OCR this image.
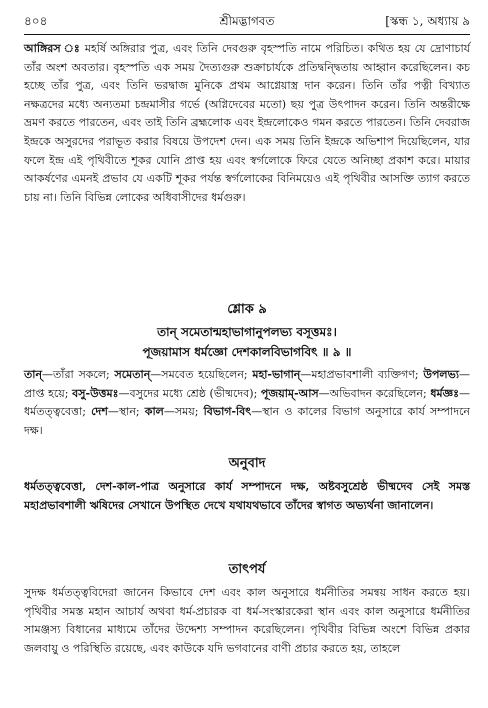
৪০৪	শ্রীমদ্ভাগবত	[স্কন্ধ ১, অধ্যায় ৯
আঙ্গিরস ঃ মহর্ষি অঙ্গিরার পুত্র, এবং তিনি দেবগুরু বৃহস্পতি নামে পরিচিত। কথিত হয় যে দ্রোণাচার্য তাঁর অংশ অবতার। বৃহস্পতি এক সময় দৈত্যগুরু শুক্রাচার্যকে প্রতিদ্বন্দ্বিতায় আহ্বান করেছিলেন। কচ হচ্ছে তাঁর পুত্র, এবং তিনি ভরদ্বাজ মুনিকে প্রথম আগ্নেয়াস্ত্র দান করেন। তিনি তাঁর পত্নী বিখ্যাত নক্ষত্রদের মধ্যে অন্যতমা চন্দ্রমাসীর গর্ভে (অগ্নিদেবের মতো) ছয় পুত্র উৎপাদন করেন। তিনি অন্তরীক্ষে ভ্রমণ করতে পারতেন, এবং তাই তিনি ব্রহ্মলোক এবং ইন্দ্রলোকেও গমন করতে পারতেন। তিনি দেবরাজ ইন্দ্রকে অসুরদের পরাভূত করার বিষয়ে উপদেশ দেন। এক সময় তিনি ইন্দ্রকে অভিশাপ দিয়েছিলেন, যার ফলে ইন্দ্র এই পৃথিবীতে শূকর যোনি প্রাপ্ত হয় এবং স্বর্গলোকে ফিরে যেতে অনিচ্ছা প্রকাশ করে। মায়ার আকর্ষণের এমনই প্রভাব যে একটি শূকর পর্যন্ত স্বর্গলোকের বিনিময়েও এই পৃথিবীর আসক্তি ত্যাগ করতে চায় না। তিনি বিভিন্ন লোকের অধিবাসীদের ধর্মগুরু।
শ্লোক ৯
তান্ সমেতান্মহাভাগানুপলভ্য বসূত্তমঃ।
পূজয়ামাস ধর্মজ্ঞো দেশকালবিভাগবিৎ ॥ ৯ ॥
তান্—তাঁরা সকলে; সমেতান্—সমবেত হয়েছিলেন; মহা-ভাগান্—মহাপ্রভাবশালী ব্যক্তিগণ; উপলভ্য—প্রাপ্ত হয়ে; বসু-উত্তমঃ—বসুদের মধ্যে শ্রেষ্ঠ (ভীষ্মদেব); পূজয়াম্-আস—অভিবাদন করেছিলেন; ধর্মজ্ঞঃ—ধর্মতত্ত্ববেত্তা; দেশ—স্থান; কাল—সময়; বিভাগ-বিৎ—স্থান ও কালের বিভাগ অনুসারে কার্য সম্পাদনে দক্ষ।
অনুবাদ
ধর্মতত্ত্ববেত্তা, দেশ-কাল-পাত্র অনুসারে কার্য সম্পাদনে দক্ষ, অষ্টবসুশ্রেষ্ঠ ভীষ্মদেব সেই সমস্ত মহাপ্রভাবশালী ঋষিদের সেখানে উপস্থিত দেখে যথাযথভাবে তাঁদের স্বাগত অভ্যর্থনা জানালেন।
তাৎপর্য
সুদক্ষ ধর্মতত্ত্ববিদেরা জানেন কিভাবে দেশ এবং কাল অনুসারে ধর্মনীতির সমন্বয় সাধন করতে হয়। পৃথিবীর সমস্ত মহান আচার্য অথবা ধর্ম-প্রচারক বা ধর্ম-সংস্কারকেরা স্থান এবং কাল অনুসারে ধর্মনীতির সামঞ্জস্য বিধানের মাধ্যমে তাঁদের উদ্দেশ্য সম্পাদন করেছিলেন। পৃথিবীর বিভিন্ন অংশে বিভিন্ন প্রকার জলবায়ু ও পরিস্থিতি রয়েছে, এবং কাউকে যদি ভগবানের বাণী প্রচার করতে হয়, তাহলে
